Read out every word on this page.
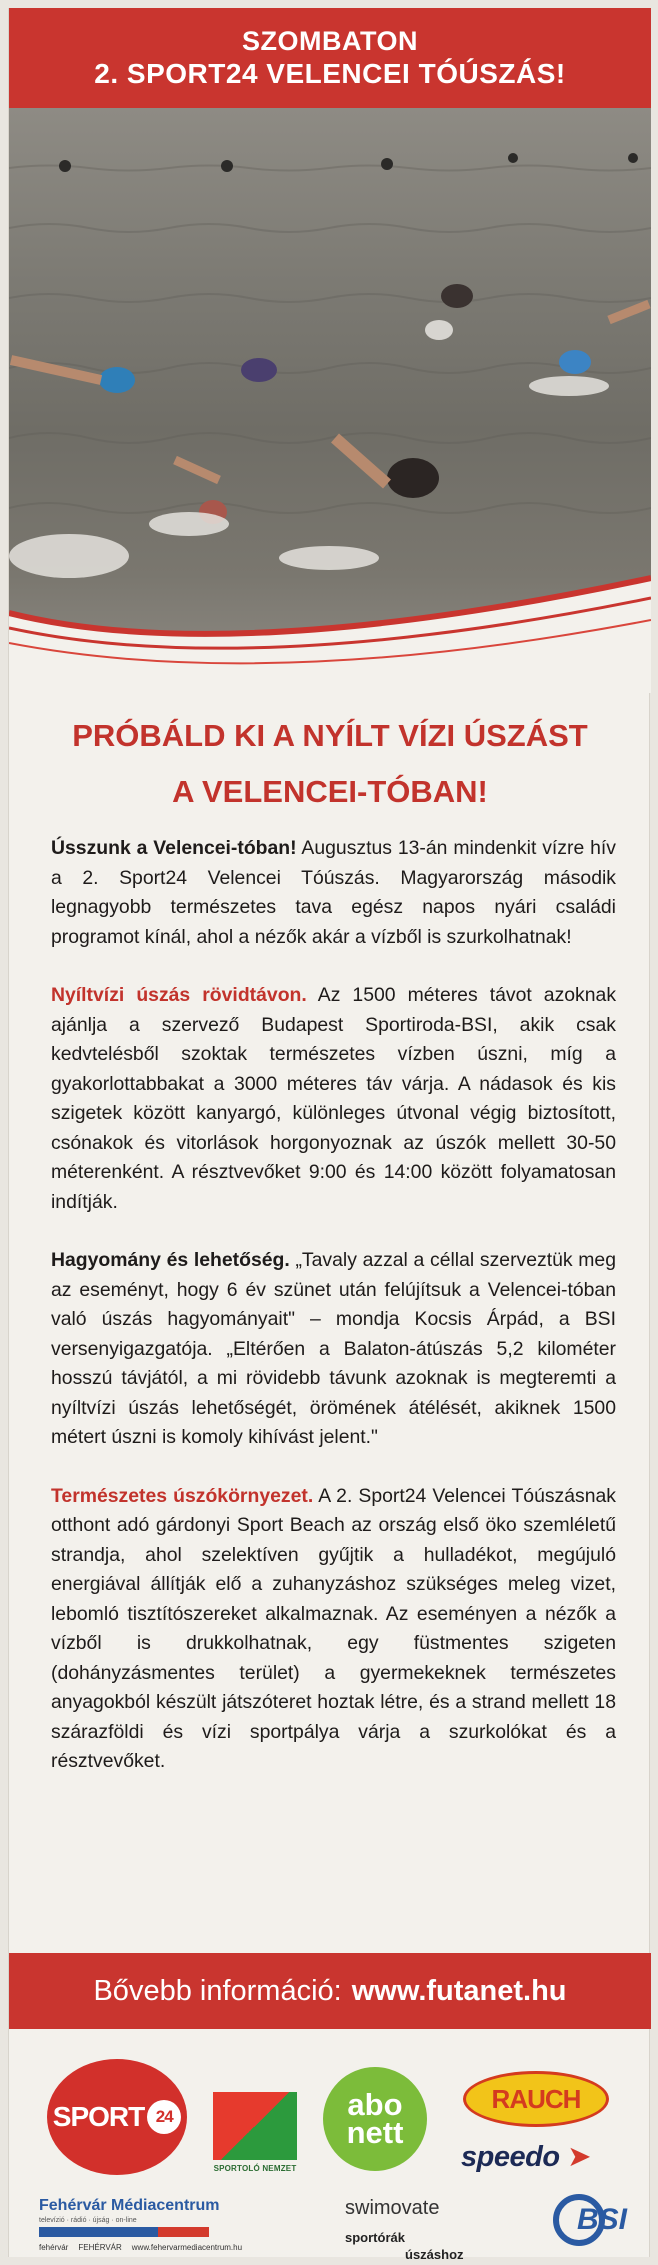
SZOMBATON
2. SPORT24 VELENCEI TÓÚSZÁS!
PRÓBÁLD KI A NYÍLT VÍZI ÚSZÁST
A VELENCEI-TÓBAN!

Ússzunk a Velencei-tóban! Augusztus 13-án mindenkit vízre hív a 2. Sport24 Velencei Tóúszás. Magyarország második legnagyobb természetes tava egész napos nyári családi programot kínál, ahol a nézők akár a vízből is szurkolhatnak!

Nyíltvízi úszás rövidtávon. Az 1500 méteres távot azoknak ajánlja a szervező Budapest Sportiroda-BSI, akik csak kedvtelésből szoktak természetes vízben úszni, míg a gyakorlottabbakat a 3000 méteres táv várja. A nádasok és kis szigetek között kanyargó, különleges útvonal végig biztosított, csónakok és vitorlások horgonyoznak az úszók mellett 30-50 méterenként. A résztvevőket 9:00 és 14:00 között folyamatosan indítják.

Hagyomány és lehetőség. „Tavaly azzal a céllal szerveztük meg az eseményt, hogy 6 év szünet után felújítsuk a Velencei-tóban való úszás hagyományait" – mondja Kocsis Árpád, a BSI versenyigazgatója. „Eltérően a Balaton-átúszás 5,2 kilométer hosszú távjától, a mi rövidebb távunk azoknak is megteremti a nyíltvízi úszás lehetőségét, örömének átélését, akiknek 1500 métert úszni is komoly kihívást jelent."

Természetes úszókörnyezet. A 2. Sport24 Velencei Tóúszásnak otthont adó gárdonyi Sport Beach az ország első öko szemléletű strandja, ahol szelektíven gyűjtik a hulladékot, megújuló energiával állítják elő a zuhanyzáshoz szükséges meleg vizet, lebomló tisztítószereket alkalmaznak. Az eseményen a nézők a vízből is drukkolhatnak, egy füstmentes szigeten (dohányzásmentes terület) a gyermekeknek természetes anyagokból készült játszóteret hoztak létre, és a strand mellett 18 szárazföldi és vízi sportpálya várja a szurkolókat és a résztvevőket.

Bővebb információ: www.futanet.hu
SPORT 24
SPORTOLÓ NEMZET
abo
nett
RAUCH
speedo ➤
Fehérvár Médiacentrum
televízió · rádió · újság · on-line
fehérvár FEHÉRVÁR www.fehervarmediacentrum.hu
swimovate
sportórák
úszáshoz
BSI
